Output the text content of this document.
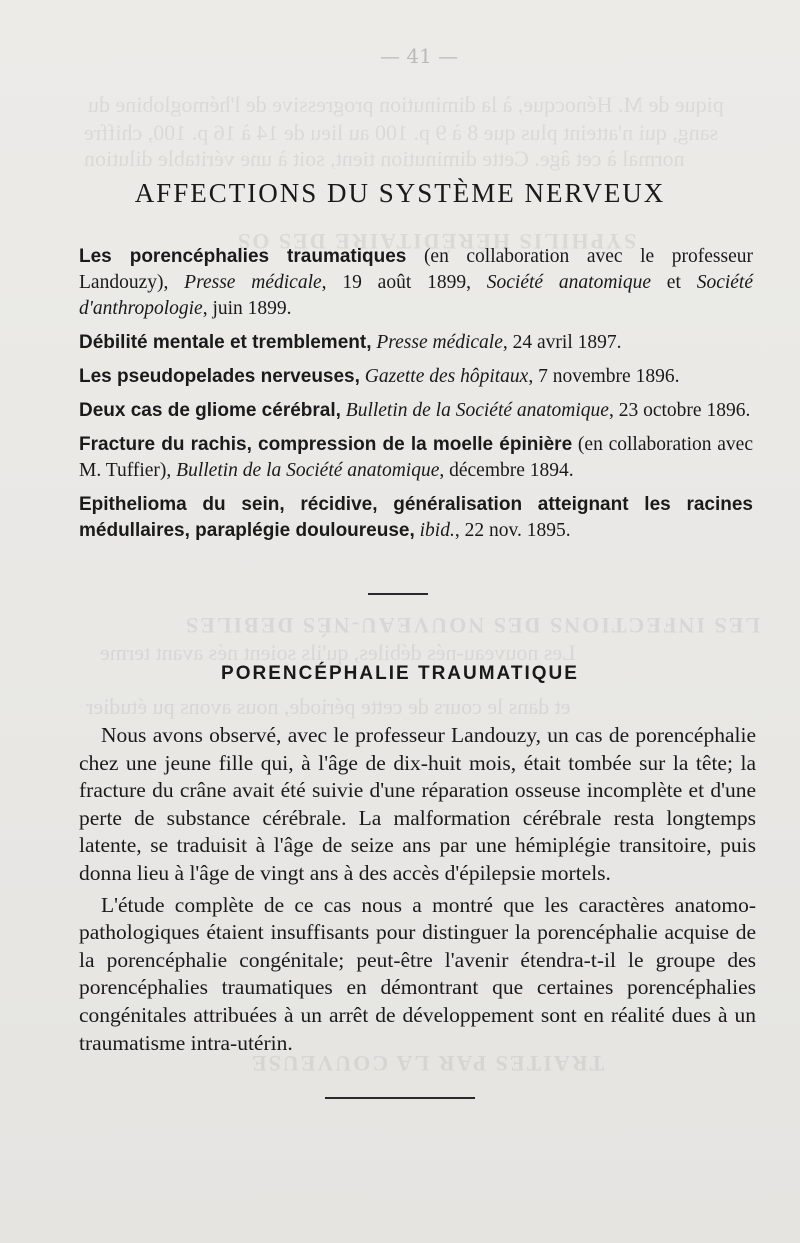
— 41 —
pique de M. Hénocque, à la diminution progressive de l'hémoglobine du
sang, qui n'atteint plus que 8 à 9 p. 100 au lieu de 14 à 16 p. 100, chiffre
normal à cet âge. Cette diminution tient, soit à une véritable dilution
SYPHILIS HÉRÉDITAIRE DES OS
LES INFECTIONS DES NOUVEAU-NÉS DEBILES
Les nouveau-nés débiles, qu'ils soient nés avant terme
et dans le cours de cette période, nous avons pu étudier
TRAITES PAR LA COUVEUSE
AFFECTIONS DU SYSTÈME NERVEUX
Les porencéphalies traumatiques (en collaboration avec le professeur Landouzy), Presse médicale, 19 août 1899, Société anatomique et Société d'anthropologie, juin 1899.
Débilité mentale et tremblement, Presse médicale, 24 avril 1897.
Les pseudopelades nerveuses, Gazette des hôpitaux, 7 novembre 1896.
Deux cas de gliome cérébral, Bulletin de la Société anatomique, 23 octobre 1896.
Fracture du rachis, compression de la moelle épinière (en collaboration avec M. Tuffier), Bulletin de la Société anatomique, décembre 1894.
Epithelioma du sein, récidive, généralisation atteignant les racines médullaires, paraplégie douloureuse, ibid., 22 nov. 1895.
PORENCÉPHALIE TRAUMATIQUE

Nous avons observé, avec le professeur Landouzy, un cas de porencéphalie chez une jeune fille qui, à l'âge de dix-huit mois, était tombée sur la tête; la fracture du crâne avait été suivie d'une réparation osseuse incomplète et d'une perte de substance cérébrale. La malformation cérébrale resta longtemps latente, se traduisit à l'âge de seize ans par une hémiplégie transitoire, puis donna lieu à l'âge de vingt ans à des accès d'épilepsie mortels.

L'étude complète de ce cas nous a montré que les caractères anatomo-pathologiques étaient insuffisants pour distinguer la porencéphalie acquise de la porencéphalie congénitale; peut-être l'avenir étendra-t-il le groupe des porencéphalies traumatiques en démontrant que certaines porencéphalies congénitales attribuées à un arrêt de développement sont en réalité dues à un traumatisme intra-utérin.
